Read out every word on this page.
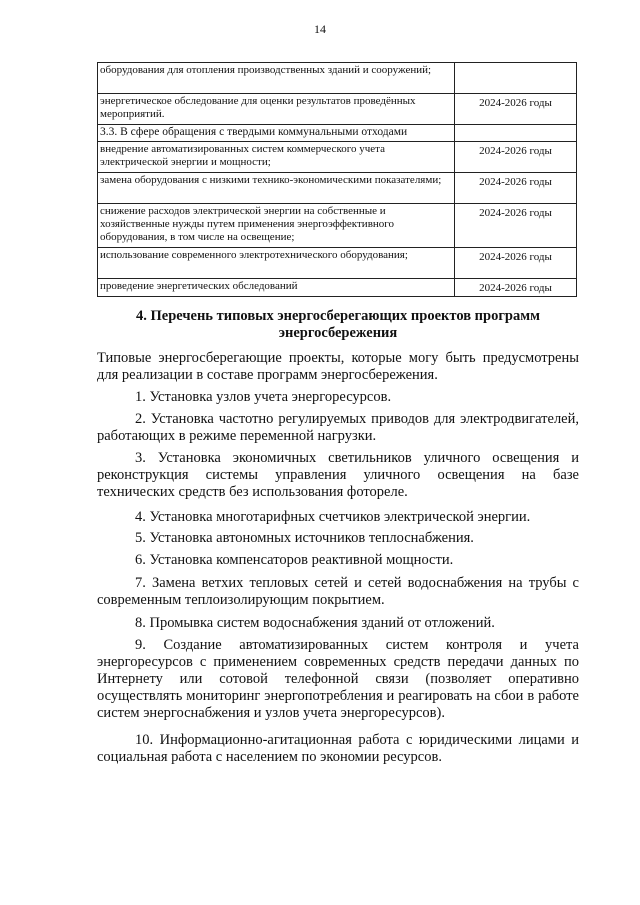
14
оборудования для отопления производственных зданий и сооружений;	
энергетическое обследование для оценки результатов проведённых мероприятий.	2024-2026 годы
3.3. В сфере обращения с твердыми коммунальными отходами	
внедрение автоматизированных систем коммерческого учета электрической энергии и мощности;	2024-2026 годы
замена оборудования с низкими технико-экономическими показателями;	2024-2026 годы
снижение расходов электрической энергии на собственные и хозяйственные нужды путем применения энергоэффективного оборудования, в том числе на освещение;	2024-2026 годы
использование современного электротехнического оборудования;	2024-2026 годы
проведение энергетических обследований	2024-2026 годы
4. Перечень типовых энергосберегающих проектов программ энергосбережения
Типовые энергосберегающие проекты, которые могу быть предусмотрены для реализации в составе программ энергосбережения.
1. Установка узлов учета энергоресурсов.
2. Установка частотно регулируемых приводов для электродвигателей, работающих в режиме переменной нагрузки.
3. Установка экономичных светильников уличного освещения и реконструкция системы управления уличного освещения на базе технических средств без использования фотореле.
4. Установка многотарифных счетчиков электрической энергии.
5. Установка автономных источников теплоснабжения.
6. Установка компенсаторов реактивной мощности.
7. Замена ветхих тепловых сетей и сетей водоснабжения на трубы с современным теплоизолирующим покрытием.
8. Промывка систем водоснабжения зданий от отложений.
9. Создание автоматизированных систем контроля и учета энергоресурсов с применением современных средств передачи данных по Интернету или сотовой телефонной связи (позволяет оперативно осуществлять мониторинг энергопотребления и реагировать на сбои в работе систем энергоснабжения и узлов учета энергоресурсов).
10. Информационно-агитационная работа с юридическими лицами и социальная работа с населением по экономии ресурсов.
